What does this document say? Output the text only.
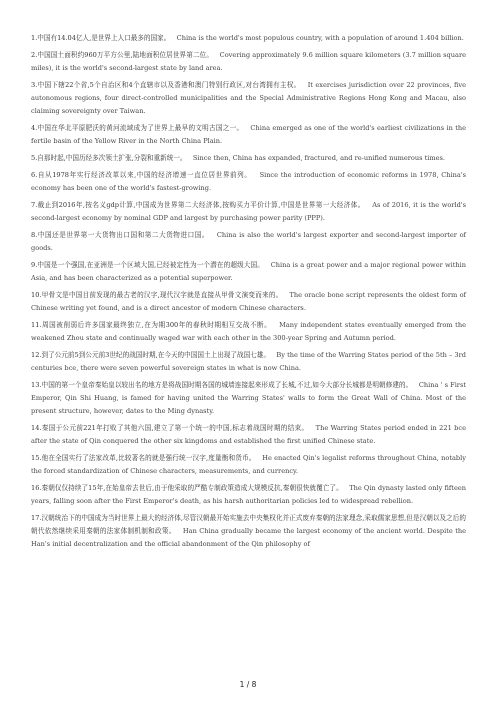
1.中国有14.04亿人,是世界上人口最多的国家。 China is the world's most populous country, with a population of around 1.404 billion.

2.中国国土面积约960万平方公里,陆地面积位居世界第二位。 Covering approximately 9.6 million square kilometers (3.7 million square miles), it is the world's second-largest state by land area.

3.中国下辖22个省,5个自治区和4个直辖市以及香港和澳门特别行政区,对台湾拥有主权。 It exercises jurisdiction over 22 provinces, five autonomous regions, four direct-controlled municipalities and the Special Administrative Regions Hong Kong and Macau, also claiming sovereignty over Taiwan.

4.中国在华北平原肥沃的黄河流域成为了世界上最早的文明古国之一。 China emerged as one of the world's earliest civilizations in the fertile basin of the Yellow River in the North China Plain.

5.自那时起,中国历经多次领土扩张,分裂和重新统一。 Since then, China has expanded, fractured, and re-unified numerous times.

6.自从1978年实行经济改革以来,中国的经济增速一直位居世界前列。 Since the introduction of economic reforms in 1978, China's economy has been one of the world's fastest-growing.

7.截止到2016年,按名义gdp计算,中国成为世界第二大经济体,按购买力平价计算,中国是世界第一大经济体。 As of 2016, it is the world's second-largest economy by nominal GDP and largest by purchasing power parity (PPP).

8.中国还是世界第一大货物出口国和第二大货物进口国。 China is also the world's largest exporter and second-largest importer of goods.

9.中国是一个强国,在亚洲是一个区域大国,已经被定性为一个潜在的超级大国。 China is a great power and a major regional power within Asia, and has been characterized as a potential superpower.

10.甲骨文是中国目前发现的最古老的汉字,现代汉字就是直接从甲骨文演变而来的。 The oracle bone script represents the oldest form of Chinese writing yet found, and is a direct ancestor of modern Chinese characters.

11.周国被削弱后许多国家最终独立,在为期300年的春秋时期相互交战不断。 Many independent states eventually emerged from the weakened Zhou state and continually waged war with each other in the 300-year Spring and Autumn period.

12.到了公元前5到公元前3世纪的战国时期,在今天的中国国土上出现了战国七雄。 By the time of the Warring States period of the 5th – 3rd centuries bce, there were seven powerful sovereign states in what is now China.

13.中国的第一个皇帝秦始皇以较出名的地方是将战国时期各国的城墙连接起来形成了长城,不过,如今大部分长城都是明朝修建的。 China ' s First Emperor, Qin Shi Huang, is famed for having united the Warring States' walls to form the Great Wall of China. Most of the present structure, however, dates to the Ming dynasty.

14.秦国于公元前221年打败了其他六国,建立了第一个统一的中国,标志着战国时期的结束。 The Warring States period ended in 221 bce after the state of Qin conquered the other six kingdoms and established the first unified Chinese state.

15.他在全国实行了法家改革,比较著名的就是强行统一汉字,度量衡和货币。 He enacted Qin's legalist reforms throughout China, notably the forced standardization of Chinese characters, measurements, and currency.

16.秦朝仅仅持续了15年,在始皇帝去世后,由于他采取的严酷专制政策造成大规模反抗,秦朝很快就覆亡了。 The Qin dynasty lasted only fifteen years, falling soon after the First Emperor's death, as his harsh authoritarian policies led to widespread rebellion.

17.汉朝统治下的中国成为当时世界上最大的经济体,尽管汉朝最开始实施去中央集权化并正式废弃秦朝的法家理念,采取儒家思想,但是汉朝以及之后的朝代依然继续采用秦朝的法家体制机制和政策。 Han China gradually became the largest economy of the ancient world. Despite the Han's initial decentralization and the official abandonment of the Qin philosophy of

1 / 8
